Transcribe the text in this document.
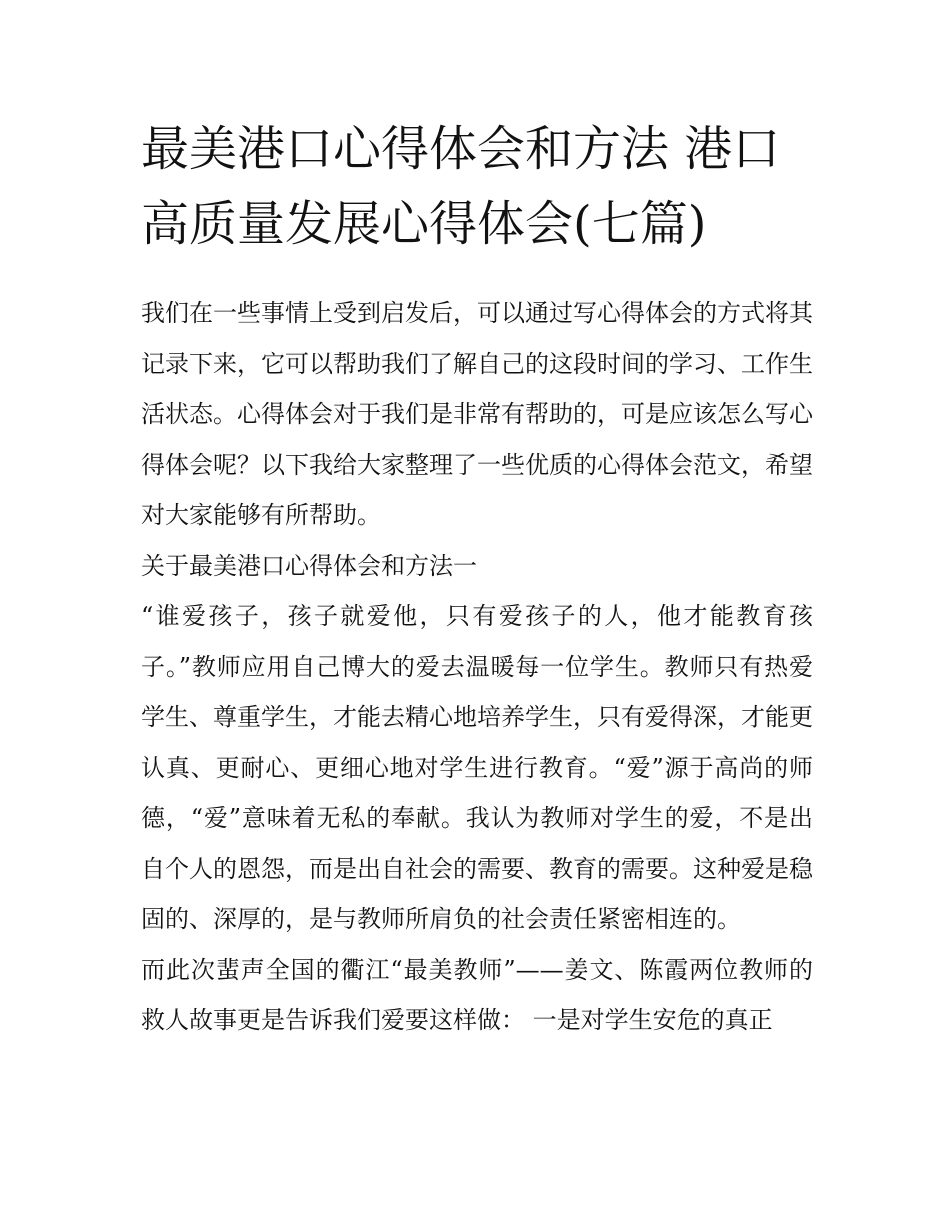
最美港口心得体会和方法 港口高质量发展心得体会(七篇)

我们在一些事情上受到启发后，可以通过写心得体会的方式将其记录下来，它可以帮助我们了解自己的这段时间的学习、工作生活状态。心得体会对于我们是非常有帮助的，可是应该怎么写心得体会呢？以下我给大家整理了一些优质的心得体会范文，希望对大家能够有所帮助。

关于最美港口心得体会和方法一

“谁爱孩子，孩子就爱他，只有爱孩子的人，他才能教育孩子。”教师应用自己博大的爱去温暖每一位学生。教师只有热爱学生、尊重学生，才能去精心地培养学生，只有爱得深，才能更认真、更耐心、更细心地对学生进行教育。“爱”源于高尚的师德，“爱”意味着无私的奉献。我认为教师对学生的爱，不是出自个人的恩怨，而是出自社会的需要、教育的需要。这种爱是稳固的、深厚的，是与教师所肩负的社会责任紧密相连的。

而此次蜚声全国的衢江“最美教师”——姜文、陈霞两位教师的救人故事更是告诉我们爱要这样做： 一是对学生安危的真正
